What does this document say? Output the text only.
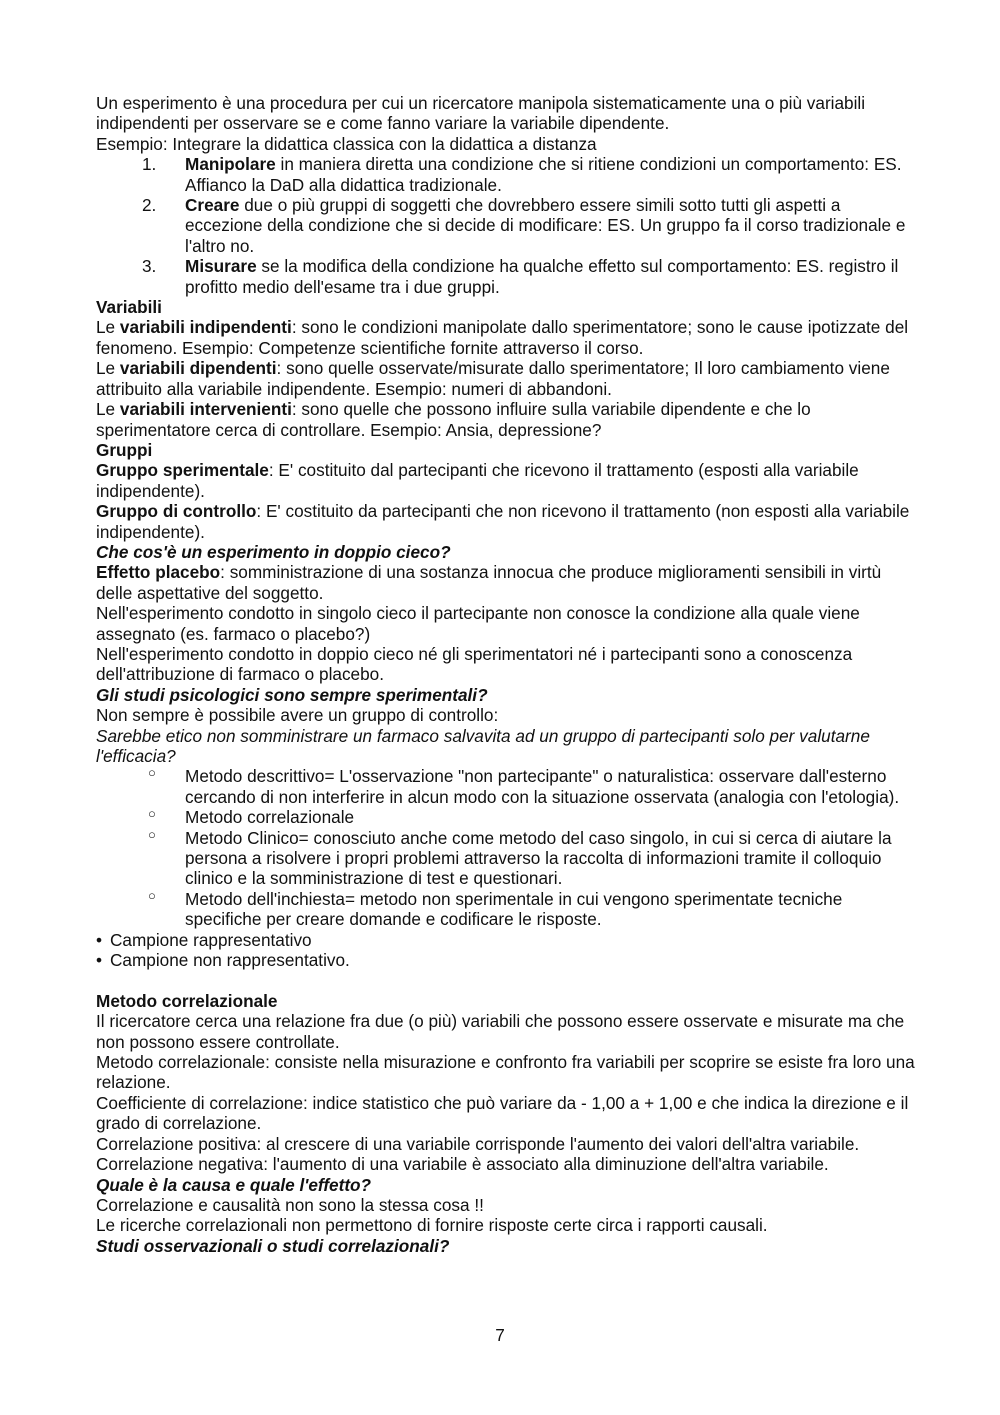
Un esperimento è una procedura per cui un ricercatore manipola sistematicamente una o più variabili indipendenti per osservare se e come fanno variare la variabile dipendente.

Esempio: Integrare la didattica classica con la didattica a distanza

1. Manipolare in maniera diretta una condizione che si ritiene condizioni un comportamento: ES. Affianco la DaD alla didattica tradizionale.

2. Creare due o più gruppi di soggetti che dovrebbero essere simili sotto tutti gli aspetti a eccezione della condizione che si decide di modificare: ES. Un gruppo fa il corso tradizionale e l'altro no.

3. Misurare se la modifica della condizione ha qualche effetto sul comportamento: ES. registro il profitto medio dell'esame tra i due gruppi.

Variabili

Le variabili indipendenti: sono le condizioni manipolate dallo sperimentatore; sono le cause ipotizzate del fenomeno. Esempio: Competenze scientifiche fornite attraverso il corso.

Le variabili dipendenti: sono quelle osservate/misurate dallo sperimentatore; Il loro cambiamento viene attribuito alla variabile indipendente. Esempio: numeri di abbandoni.

Le variabili intervenienti: sono quelle che possono influire sulla variabile dipendente e che lo sperimentatore cerca di controllare. Esempio: Ansia, depressione?

Gruppi

Gruppo sperimentale: E' costituito dal partecipanti che ricevono il trattamento (esposti alla variabile indipendente).

Gruppo di controllo: E' costituito da partecipanti che non ricevono il trattamento (non esposti alla variabile indipendente).

Che cos'è un esperimento in doppio cieco?

Effetto placebo: somministrazione di una sostanza innocua che produce miglioramenti sensibili in virtù delle aspettative del soggetto.

Nell'esperimento condotto in singolo cieco il partecipante non conosce la condizione alla quale viene assegnato (es. farmaco o placebo?)

Nell'esperimento condotto in doppio cieco né gli sperimentatori né i partecipanti sono a conoscenza dell'attribuzione di farmaco o placebo.

Gli studi psicologici sono sempre sperimentali?

Non sempre è possibile avere un gruppo di controllo:

Sarebbe etico non somministrare un farmaco salvavita ad un gruppo di partecipanti solo per valutarne l'efficacia?

○ Metodo descrittivo= L'osservazione "non partecipante" o naturalistica: osservare dall'esterno cercando di non interferire in alcun modo con la situazione osservata (analogia con l'etologia).

○ Metodo correlazionale

○ Metodo Clinico= conosciuto anche come metodo del caso singolo, in cui si cerca di aiutare la persona a risolvere i propri problemi attraverso la raccolta di informazioni tramite il colloquio clinico e la somministrazione di test e questionari.

○ Metodo dell'inchiesta= metodo non sperimentale in cui vengono sperimentate tecniche specifiche per creare domande e codificare le risposte.

• Campione rappresentativo

• Campione non rappresentativo.

Metodo correlazionale

Il ricercatore cerca una relazione fra due (o più) variabili che possono essere osservate e misurate ma che non possono essere controllate.

Metodo correlazionale: consiste nella misurazione e confronto fra variabili per scoprire se esiste fra loro una relazione.

Coefficiente di correlazione: indice statistico che può variare da - 1,00 a + 1,00 e che indica la direzione e il grado di correlazione.

Correlazione positiva: al crescere di una variabile corrisponde l'aumento dei valori dell'altra variabile.

Correlazione negativa: l'aumento di una variabile è associato alla diminuzione dell'altra variabile.

Quale è la causa e quale l'effetto?

Correlazione e causalità non sono la stessa cosa !!

Le ricerche correlazionali non permettono di fornire risposte certe circa i rapporti causali.

Studi osservazionali o studi correlazionali?

7
